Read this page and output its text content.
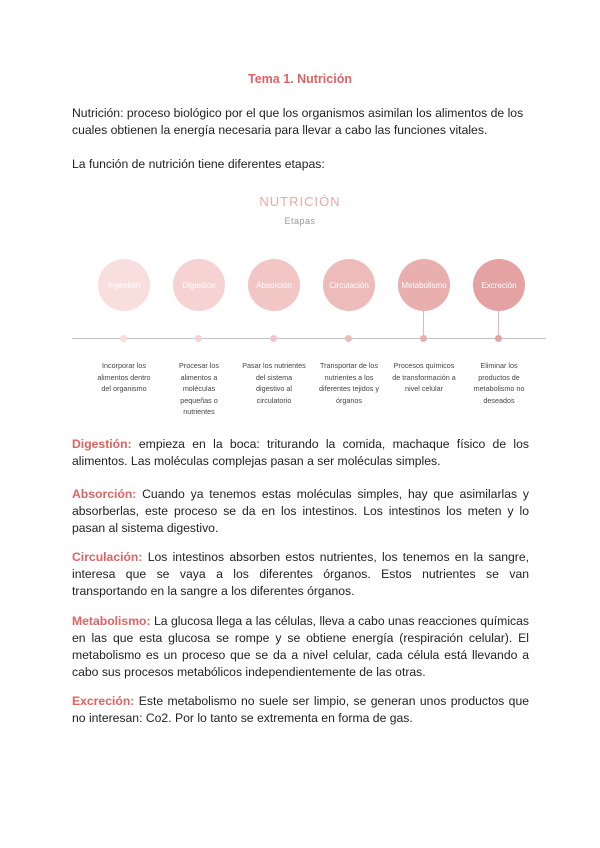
Tema 1. Nutrición

Nutrición: proceso biológico por el que los organismos asimilan los alimentos de los cuales obtienen la energía necesaria para llevar a cabo las funciones vitales.

La función de nutrición tiene diferentes etapas:

NUTRICIÓN
Etapas
Ingestión	Digestión	Absorción	Circulación	Metabolismo	Excreción
Incorporar los alimentos dentro del organismo
Procesar los alimentos a moléculas pequeñas o nutrientes
Pasar los nutrientes del sistema digestivo al circulatorio
Transportar de los nutrientes a los diferentes tejidos y órganos
Procesos químicos de transformación a nivel celular
Eliminar los productos de metabolismo no deseados

Digestión: empieza en la boca: triturando la comida, machaque físico de los alimentos. Las moléculas complejas pasan a ser moléculas simples.

Absorción: Cuando ya tenemos estas moléculas simples, hay que asimilarlas y absorberlas, este proceso se da en los intestinos. Los intestinos los meten y lo pasan al sistema digestivo.

Circulación: Los intestinos absorben estos nutrientes, los tenemos en la sangre, interesa que se vaya a los diferentes órganos. Estos nutrientes se van transportando en la sangre a los diferentes órganos.

Metabolismo: La glucosa llega a las células, lleva a cabo unas reacciones químicas en las que esta glucosa se rompe y se obtiene energía (respiración celular). El metabolismo es un proceso que se da a nivel celular, cada célula está llevando a cabo sus procesos metabólicos independientemente de las otras.

Excreción: Este metabolismo no suele ser limpio, se generan unos productos que no interesan: Co2. Por lo tanto se extrementa en forma de gas.
